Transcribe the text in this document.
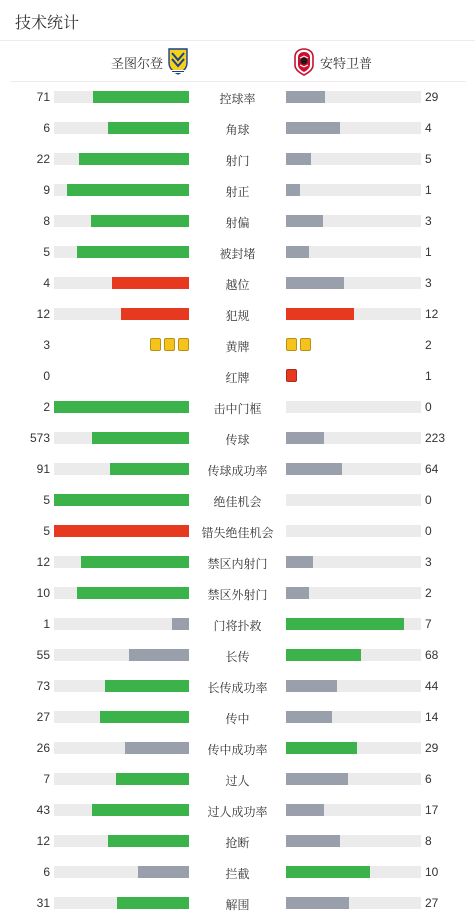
技术统计
圣图尔登	安特卫普
71	控球率	29
6	角球	4
22	射门	5
9	射正	1
8	射偏	3
5	被封堵	1
4	越位	3
12	犯规	12
3	黄牌	2
0	红牌	1
2	击中门框	0
573	传球	223
91	传球成功率	64
5	绝佳机会	0
5	错失绝佳机会	0
12	禁区内射门	3
10	禁区外射门	2
1	门将扑救	7
55	长传	68
73	长传成功率	44
27	传中	14
26	传中成功率	29
7	过人	6
43	过人成功率	17
12	抢断	8
6	拦截	10
31	解围	27
